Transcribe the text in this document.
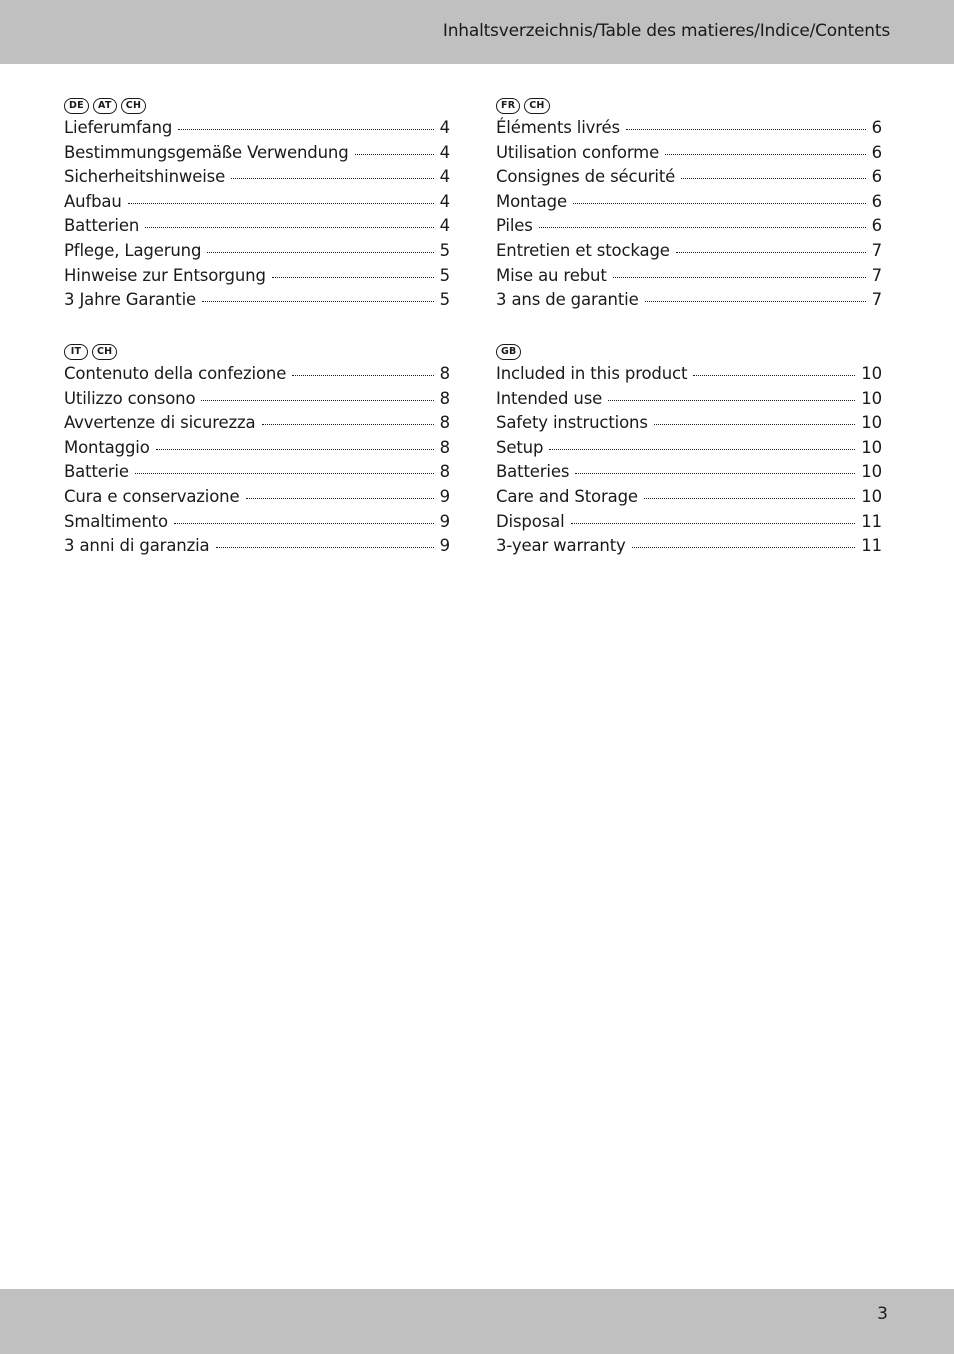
Inhaltsverzeichnis/Table des matieres/Indice/Contents
DE	AT	CH
Lieferumfang	4
Bestimmungsgemäße Verwendung	4
Sicherheitshinweise	4
Aufbau	4
Batterien	4
Pflege, Lagerung	5
Hinweise zur Entsorgung	5
3 Jahre Garantie	5
FR	CH
Éléments livrés	6
Utilisation conforme	6
Consignes de sécurité	6
Montage	6
Piles	6
Entretien et stockage	7
Mise au rebut	7
3 ans de garantie	7
IT	CH
Contenuto della confezione	8
Utilizzo consono	8
Avvertenze di sicurezza	8
Montaggio	8
Batterie	8
Cura e conservazione	9
Smaltimento	9
3 anni di garanzia	9
GB
Included in this product	10
Intended use	10
Safety instructions	10
Setup	10
Batteries	10
Care and Storage	10
Disposal	11
3-year warranty	11
3
